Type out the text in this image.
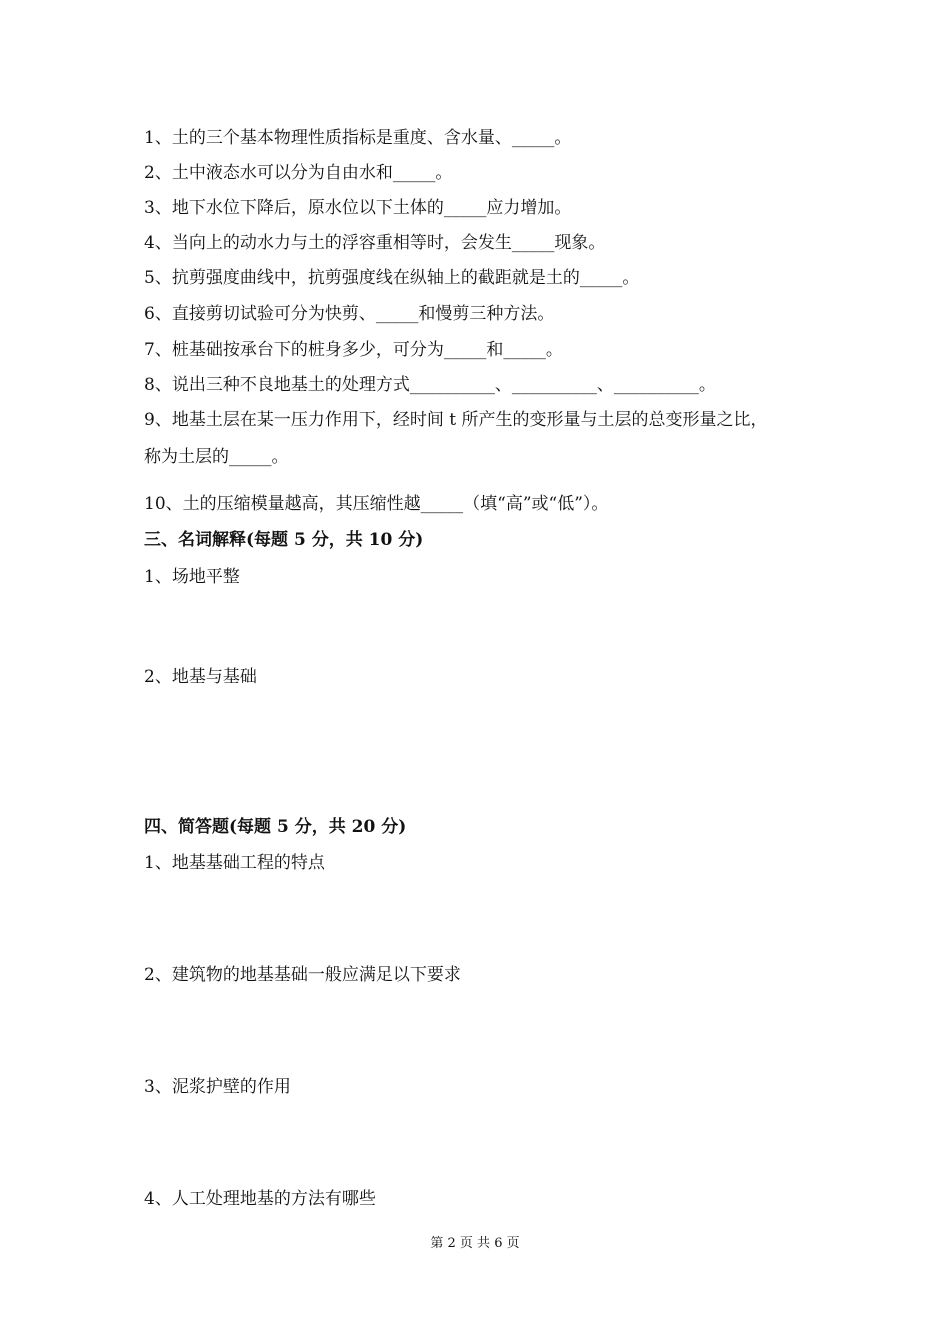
1、土的三个基本物理性质指标是重度、含水量、_____。
2、土中液态水可以分为自由水和_____。
3、地下水位下降后，原水位以下土体的_____应力增加。
4、当向上的动水力与土的浮容重相等时，会发生_____现象。
5、抗剪强度曲线中，抗剪强度线在纵轴上的截距就是土的_____。
6、直接剪切试验可分为快剪、_____和慢剪三种方法。
7、桩基础按承台下的桩身多少，可分为_____和_____。
8、说出三种不良地基土的处理方式__________、__________、__________。
9、地基土层在某一压力作用下，经时间 t 所产生的变形量与土层的总变形量之比，
称为土层的_____。
10、土的压缩模量越高，其压缩性越_____（填“高”或“低”）。
三、名词解释(每题 5 分，共 10 分)
1、场地平整
2、地基与基础
四、简答题(每题 5 分，共 20 分)
1、地基基础工程的特点
2、建筑物的地基基础一般应满足以下要求
3、泥浆护壁的作用
4、人工处理地基的方法有哪些
第 2 页 共 6 页
